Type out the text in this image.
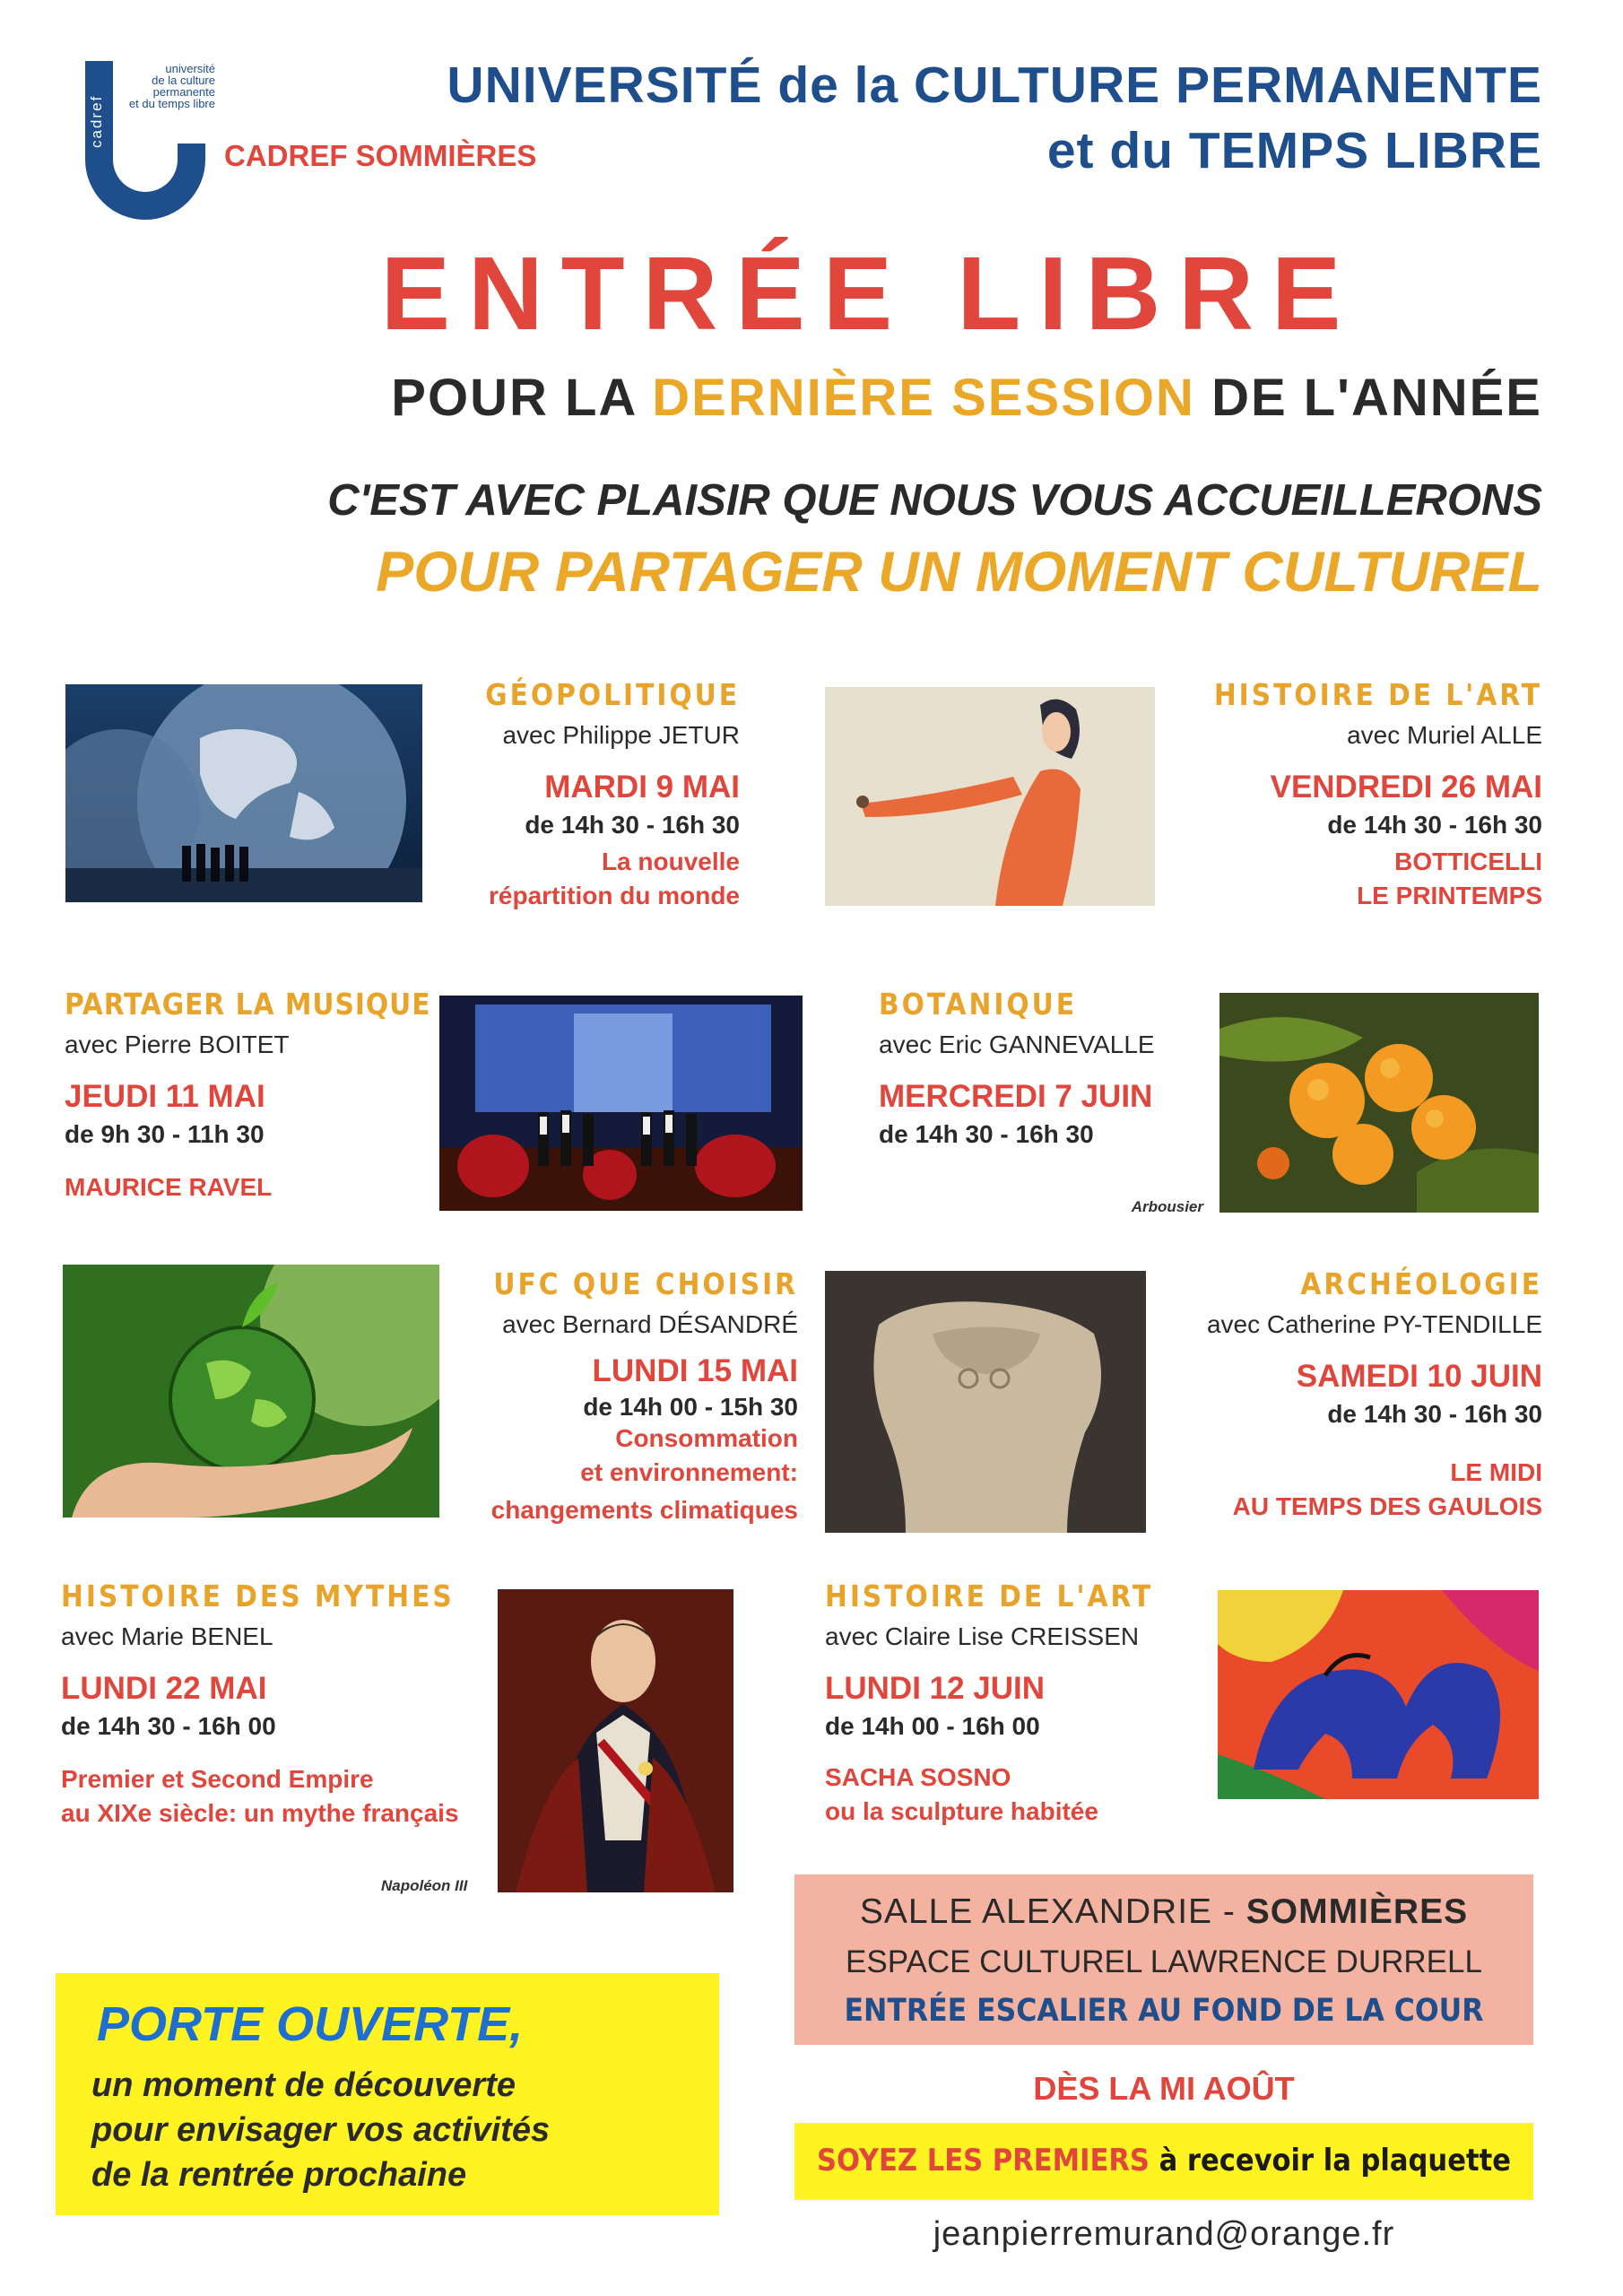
cadref
université
de la culture
permanente
et du temps libre	UNIVERSITÉ de la CULTURE PERMANENTE
CADREF SOMMIÈRES	et du TEMPS LIBRE
ENTRÉE LIBRE
POUR LA DERNIÈRE SESSION DE L'ANNÉE
C'EST AVEC PLAISIR QUE NOUS VOUS ACCUEILLERONS
POUR PARTAGER UN MOMENT CULTUREL
GÉOPOLITIQUE
avec Philippe JETUR
MARDI 9 MAI
de 14h 30 - 16h 30
La nouvelle
répartition du monde
HISTOIRE DE L'ART
avec Muriel ALLE
VENDREDI 26 MAI
de 14h 30 - 16h 30
BOTTICELLI
LE PRINTEMPS
PARTAGER LA MUSIQUE
avec Pierre BOITET
JEUDI 11 MAI
de 9h 30 - 11h 30
MAURICE RAVEL
BOTANIQUE
avec Eric GANNEVALLE
MERCREDI 7 JUIN
de 14h 30 - 16h 30
Arbousier
UFC QUE CHOISIR
avec Bernard DÉSANDRÉ
LUNDI 15 MAI
de 14h 00 - 15h 30
Consommation
et environnement:
changements climatiques
ARCHÉOLOGIE
avec Catherine PY-TENDILLE
SAMEDI 10 JUIN
de 14h 30 - 16h 30
LE MIDI
AU TEMPS DES GAULOIS
HISTOIRE DES MYTHES
avec Marie BENEL
LUNDI 22 MAI
de 14h 30 - 16h 00
Premier et Second Empire
au XIXe siècle: un mythe français
Napoléon III
HISTOIRE DE L'ART
avec Claire Lise CREISSEN
LUNDI 12 JUIN
de 14h 00 - 16h 00
SACHA SOSNO
ou la sculpture habitée
SALLE ALEXANDRIE - SOMMIÈRES
ESPACE CULTUREL LAWRENCE DURRELL
ENTRÉE ESCALIER AU FOND DE LA COUR
PORTE OUVERTE,
un moment de découverte
pour envisager vos activités
de la rentrée prochaine
DÈS LA MI AOÛT
SOYEZ LES PREMIERS à recevoir la plaquette
jeanpierremurand@orange.fr
